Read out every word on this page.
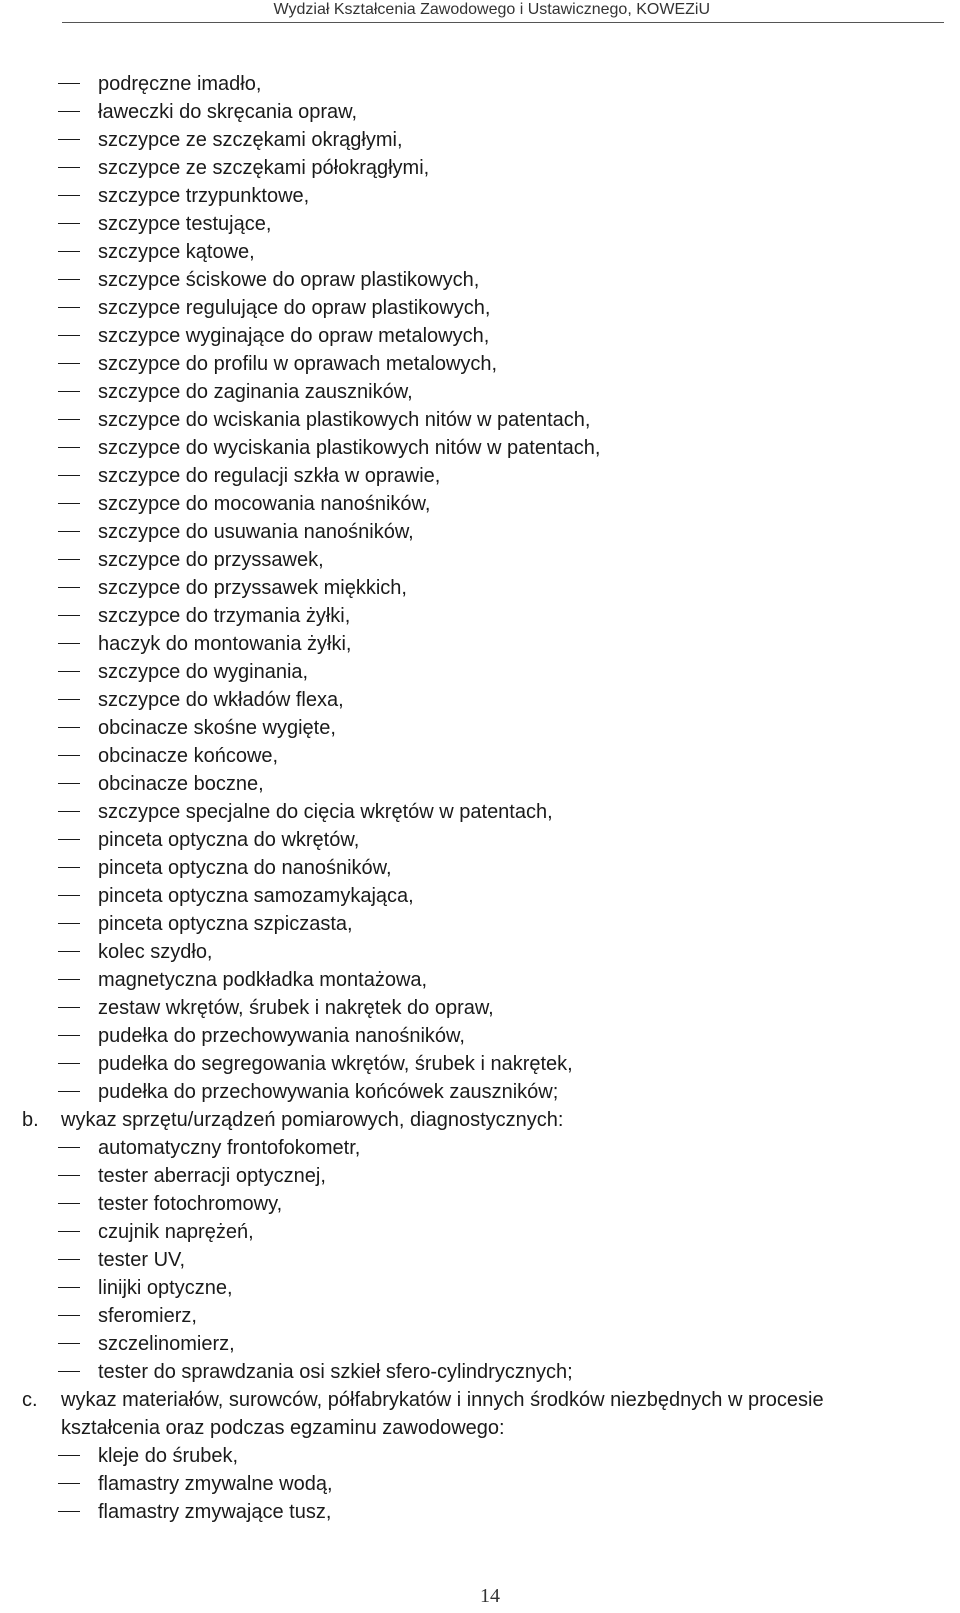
Wydział Kształcenia Zawodowego i Ustawicznego, KOWEZiU
podręczne imadło,
ławeczki do skręcania opraw,
szczypce ze szczękami okrągłymi,
szczypce ze szczękami półokrągłymi,
szczypce trzypunktowe,
szczypce testujące,
szczypce kątowe,
szczypce ściskowe do opraw plastikowych,
szczypce regulujące do opraw plastikowych,
szczypce wyginające do opraw metalowych,
szczypce do profilu w oprawach metalowych,
szczypce do zaginania zauszników,
szczypce do wciskania plastikowych nitów w patentach,
szczypce do wyciskania plastikowych nitów w patentach,
szczypce do regulacji szkła w oprawie,
szczypce do mocowania nanośników,
szczypce do usuwania nanośników,
szczypce do przyssawek,
szczypce do przyssawek miękkich,
szczypce do trzymania żyłki,
haczyk do montowania żyłki,
szczypce do wyginania,
szczypce do wkładów flexa,
obcinacze skośne wygięte,
obcinacze końcowe,
obcinacze boczne,
szczypce specjalne do cięcia wkrętów w patentach,
pinceta optyczna do wkrętów,
pinceta optyczna do nanośników,
pinceta optyczna samozamykająca,
pinceta optyczna szpiczasta,
kolec szydło,
magnetyczna podkładka montażowa,
zestaw wkrętów, śrubek i nakrętek do opraw,
pudełka do przechowywania nanośników,
pudełka do segregowania wkrętów, śrubek i nakrętek,
pudełka do przechowywania końcówek zauszników;
b. wykaz sprzętu/urządzeń pomiarowych, diagnostycznych:
automatyczny frontofokometr,
tester aberracji optycznej,
tester fotochromowy,
czujnik naprężeń,
tester UV,
linijki optyczne,
sferomierz,
szczelinomierz,
tester do sprawdzania osi szkieł sfero-cylindrycznych;
c. wykaz materiałów, surowców, półfabrykatów i innych środków niezbędnych w procesie
kształcenia oraz podczas egzaminu zawodowego:
kleje do śrubek,
flamastry zmywalne wodą,
flamastry zmywające tusz,
14
